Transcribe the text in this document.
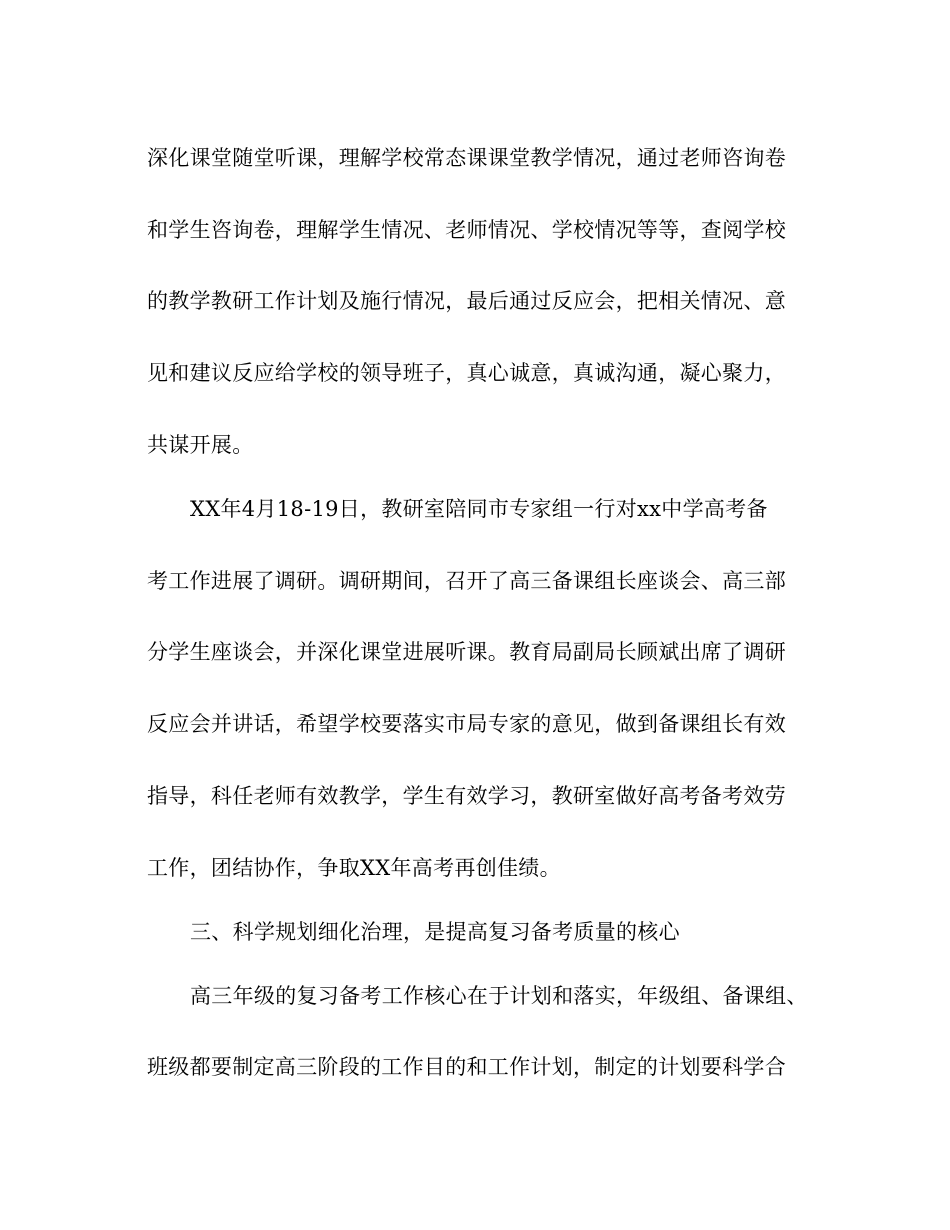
深化课堂随堂听课，理解学校常态课课堂教学情况，通过老师咨询卷
和学生咨询卷，理解学生情况、老师情况、学校情况等等，查阅学校
的教学教研工作计划及施行情况，最后通过反应会，把相关情况、意
见和建议反应给学校的领导班子，真心诚意，真诚沟通，凝心聚力，
共谋开展。
XX年4月18-19日，教研室陪同市专家组一行对xx中学高考备
考工作进展了调研。调研期间，召开了高三备课组长座谈会、高三部
分学生座谈会，并深化课堂进展听课。教育局副局长顾斌出席了调研
反应会并讲话，希望学校要落实市局专家的意见，做到备课组长有效
指导，科任老师有效教学，学生有效学习，教研室做好高考备考效劳
工作，团结协作，争取XX年高考再创佳绩。
三、科学规划细化治理，是提高复习备考质量的核心
高三年级的复习备考工作核心在于计划和落实，年级组、备课组、
班级都要制定高三阶段的工作目的和工作计划，制定的计划要科学合
